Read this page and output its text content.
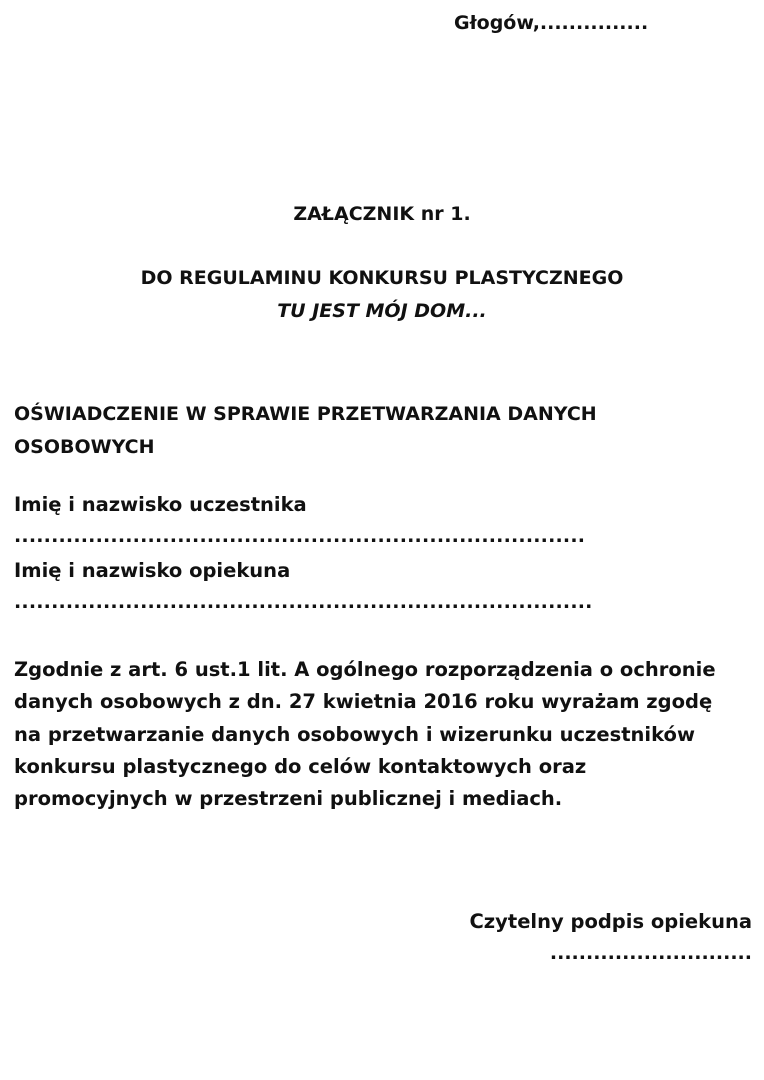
Głogów,...............

ZAŁĄCZNIK nr 1.

DO REGULAMINU KONKURSU PLASTYCZNEGO

TU JEST MÓJ DOM...

OŚWIADCZENIE W SPRAWIE PRZETWARZANIA DANYCH OSOBOWYCH

Imię i nazwisko uczestnika

.............................................................................

Imię i nazwisko opiekuna

..............................................................................

Zgodnie z art. 6 ust.1 lit. A ogólnego rozporządzenia o ochronie

danych osobowych z dn. 27 kwietnia 2016 roku wyrażam zgodę

na przetwarzanie danych osobowych i wizerunku uczestników

konkursu plastycznego do celów kontaktowych oraz

promocyjnych w przestrzeni publicznej i mediach.

Czytelny podpis opiekuna

............................
